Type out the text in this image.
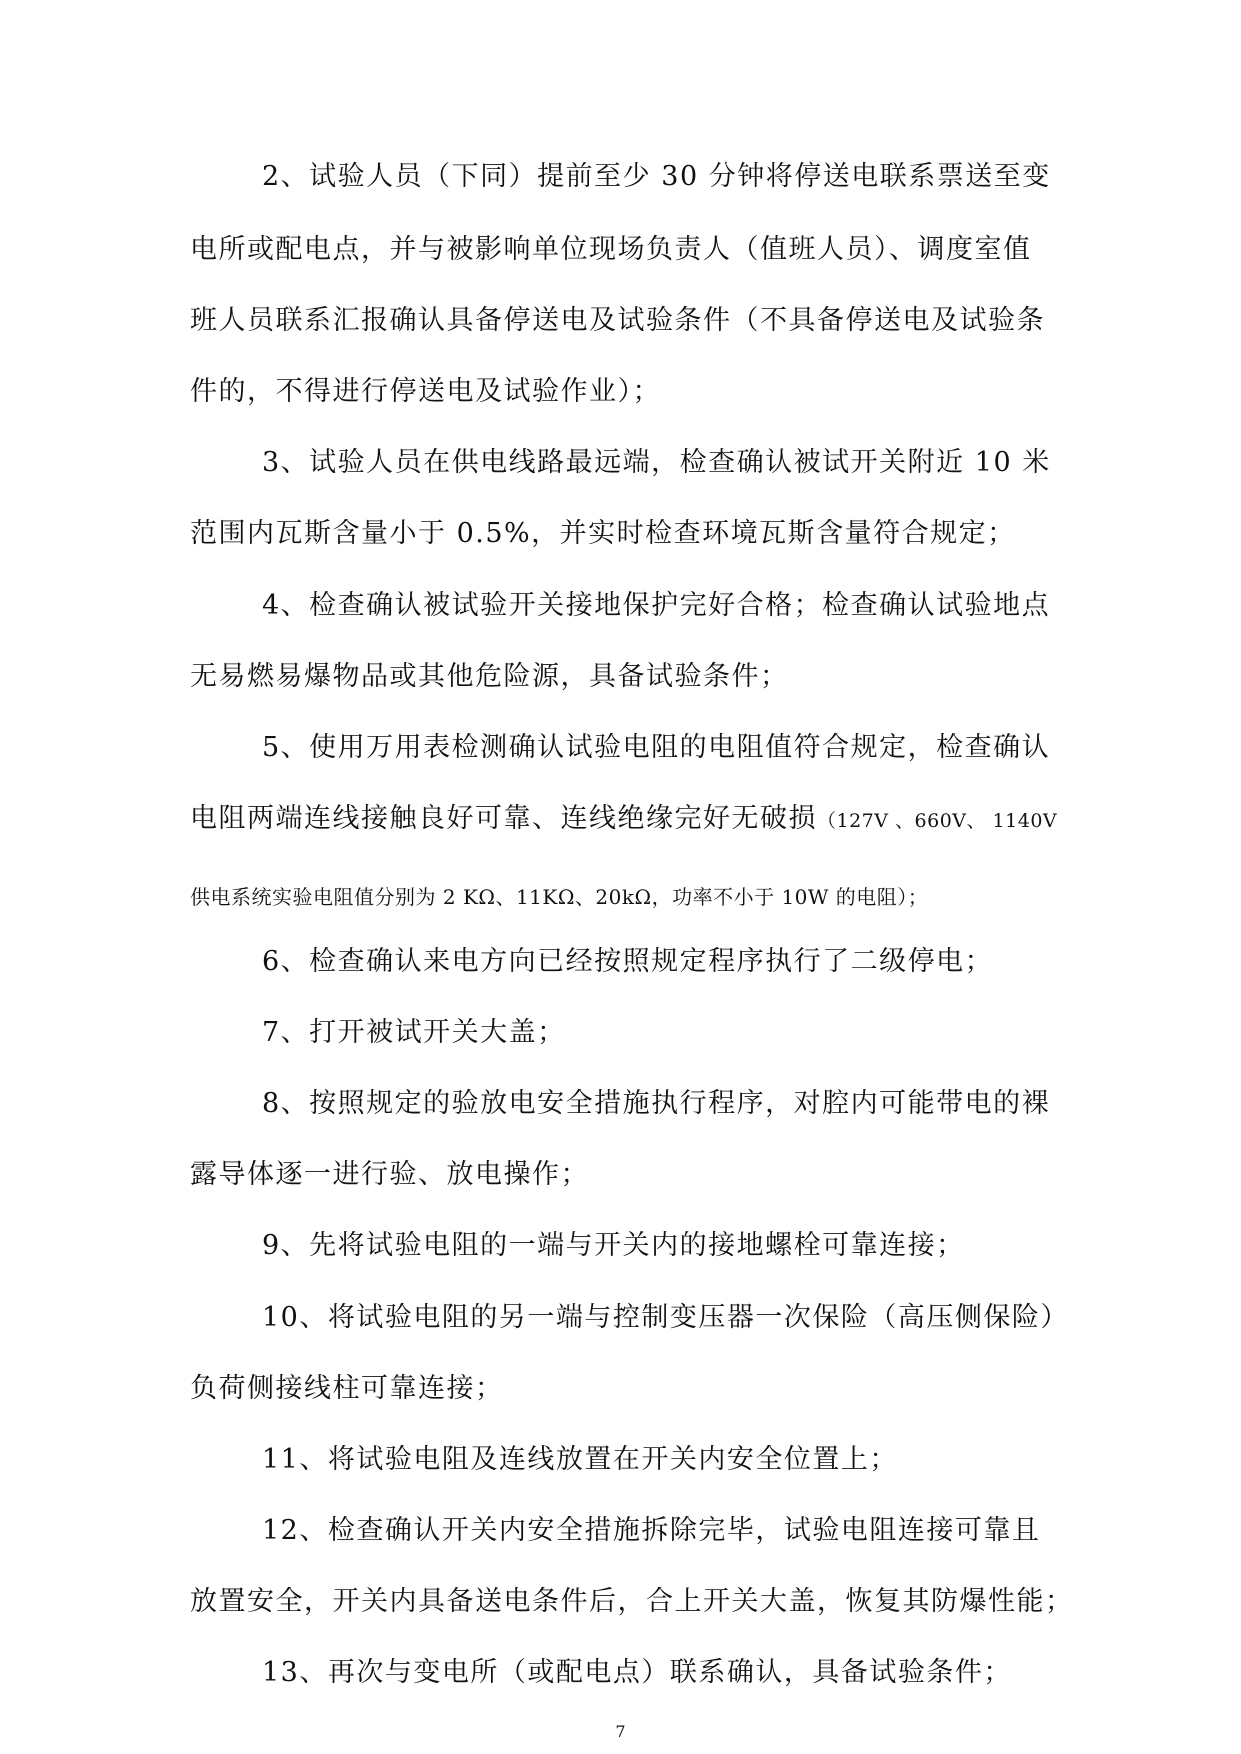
2、试验人员（下同）提前至少 30 分钟将停送电联系票送至变
电所或配电点，并与被影响单位现场负责人（值班人员）、调度室值
班人员联系汇报确认具备停送电及试验条件（不具备停送电及试验条
件的，不得进行停送电及试验作业）；
3、试验人员在供电线路最远端，检查确认被试开关附近 10 米
范围内瓦斯含量小于 0.5%，并实时检查环境瓦斯含量符合规定；
4、检查确认被试验开关接地保护完好合格；检查确认试验地点
无易燃易爆物品或其他危险源，具备试验条件；
5、使用万用表检测确认试验电阻的电阻值符合规定，检查确认
电阻两端连线接触良好可靠、连线绝缘完好无破损（127V 、660V、 1140V
供电系统实验电阻值分别为 2 KΩ、11KΩ、20kΩ，功率不小于 10W 的电阻）；
6、检查确认来电方向已经按照规定程序执行了二级停电；
7、打开被试开关大盖；
8、按照规定的验放电安全措施执行程序，对腔内可能带电的裸
露导体逐一进行验、放电操作；
9、先将试验电阻的一端与开关内的接地螺栓可靠连接；
10、将试验电阻的另一端与控制变压器一次保险（高压侧保险）
负荷侧接线柱可靠连接；
11、将试验电阻及连线放置在开关内安全位置上；
12、检查确认开关内安全措施拆除完毕，试验电阻连接可靠且
放置安全，开关内具备送电条件后，合上开关大盖，恢复其防爆性能；
13、再次与变电所（或配电点）联系确认，具备试验条件；
7
